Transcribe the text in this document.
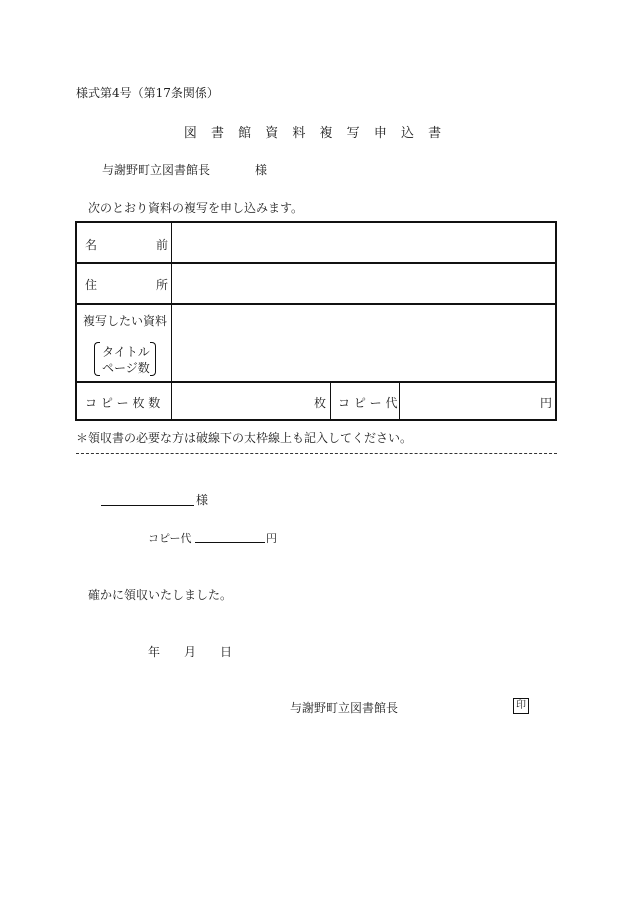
様式第4号（第17条関係）
図 書 館 資 料 複 写 申 込 書
与謝野町立図書館長	様
次のとおり資料の複写を申し込みます。
名	前
住	所
複写したい資料
タイトル
ページ数
コ ピ ー 枚 数	枚 コ ピ ー 代	円
＊領収書の必要な方は破線下の太枠線上も記入してください。
様
コピー代	円
確かに領収いたしました。
年 月 日
与謝野町立図書館長	印
